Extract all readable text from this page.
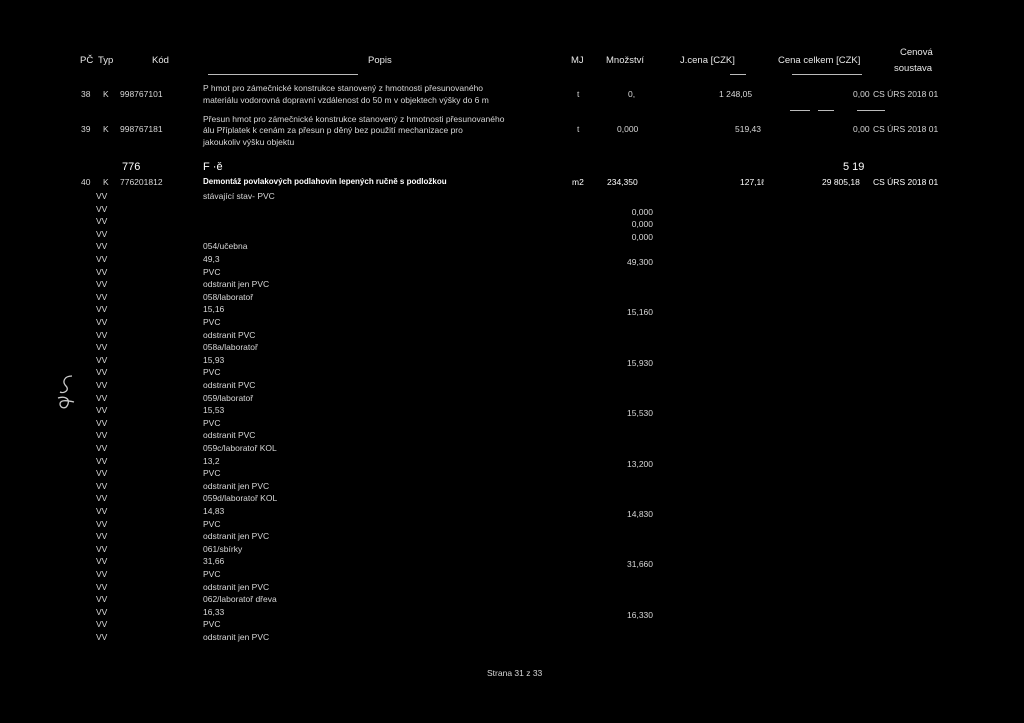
PČ Typ	Kód	Popis	MJ Množství	J.cena [CZK]	Cena celkem [CZK]
Cenová
soustava
38 K 998767101
P hmot pro zámečnické konstrukce stanovený z hmotnosti přesunovaného
materiálu vodorovná dopravní vzdálenost do 50 m v objektech výšky do 6 m
t	0,	1 248,05	0,00 CS ÚRS 2018 01
39 K 998767181
Přesun hmot pro zámečnické konstrukce stanovený z hmotnosti přesunovaného
álu Příplatek k cenám za přesun p děný bez použití mechanizace pro
jakoukoliv výšku objektu
t	0,000	519,43	0,00 CS ÚRS 2018 01
776	F ·ě	5 19
40 K 776201812	Demontáž povlakových podlahovin lepených ručně s podložkou	m2	234,350	127,1ℓ	29 805,18 CS ÚRS 2018 01
VV	stávající stav- PVC
VV	0,000
VV	0,000
VV	0,000
VV	054/učebna
VV	49,3	49,300
VV	PVC
VV	odstranit jen PVC
VV	058/laboratoř
VV	15,16	15,160
VV	PVC
VV	odstranit PVC
VV	058a/laboratoř
VV	15,93	15,930
VV	PVC
VV	odstranit PVC
VV	059/laboratoř
VV	15,53	15,530
VV	PVC
VV	odstranit PVC
VV	059c/laboratoř KOL
VV	13,2	13,200
VV	PVC
VV	odstranit jen PVC
VV	059d/laboratoř KOL
VV	14,83	14,830
VV	PVC
VV	odstranit jen PVC
VV	061/sbírky
VV	31,66	31,660
VV	PVC
VV	odstranit jen PVC
VV	062/laboratoř dřeva
VV	16,33	16,330
VV	PVC
VV	odstranit jen PVC
Strana 31 z 33
